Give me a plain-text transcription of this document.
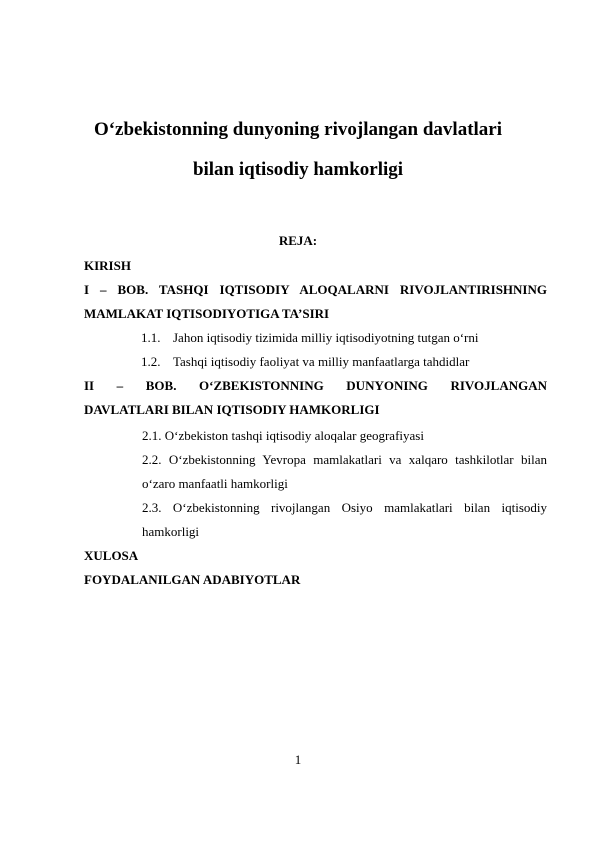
O‘zbekistonning dunyoning rivojlangan davlatlari
bilan iqtisodiy hamkorligi
REJA:
KIRISH
I – BOB. TASHQI IQTISODIY ALOQALARNI RIVOJLANTIRISHNING
MAMLAKAT IQTISODIYOTIGA TA’SIRI
1.1. Jahon iqtisodiy tizimida milliy iqtisodiyotning tutgan o‘rni
1.2. Tashqi iqtisodiy faoliyat va milliy manfaatlarga tahdidlar
II – BOB. O‘ZBEKISTONNING DUNYONING RIVOJLANGAN
DAVLATLARI BILAN IQTISODIY HAMKORLIGI
2.1. O‘zbekiston tashqi iqtisodiy aloqalar geografiyasi
2.2. O‘zbekistonning Yevropa mamlakatlari va xalqaro tashkilotlar bilan
o‘zaro manfaatli hamkorligi
2.3. O‘zbekistonning rivojlangan Osiyo mamlakatlari bilan iqtisodiy
hamkorligi
XULOSA
FOYDALANILGAN ADABIYOTLAR
1
